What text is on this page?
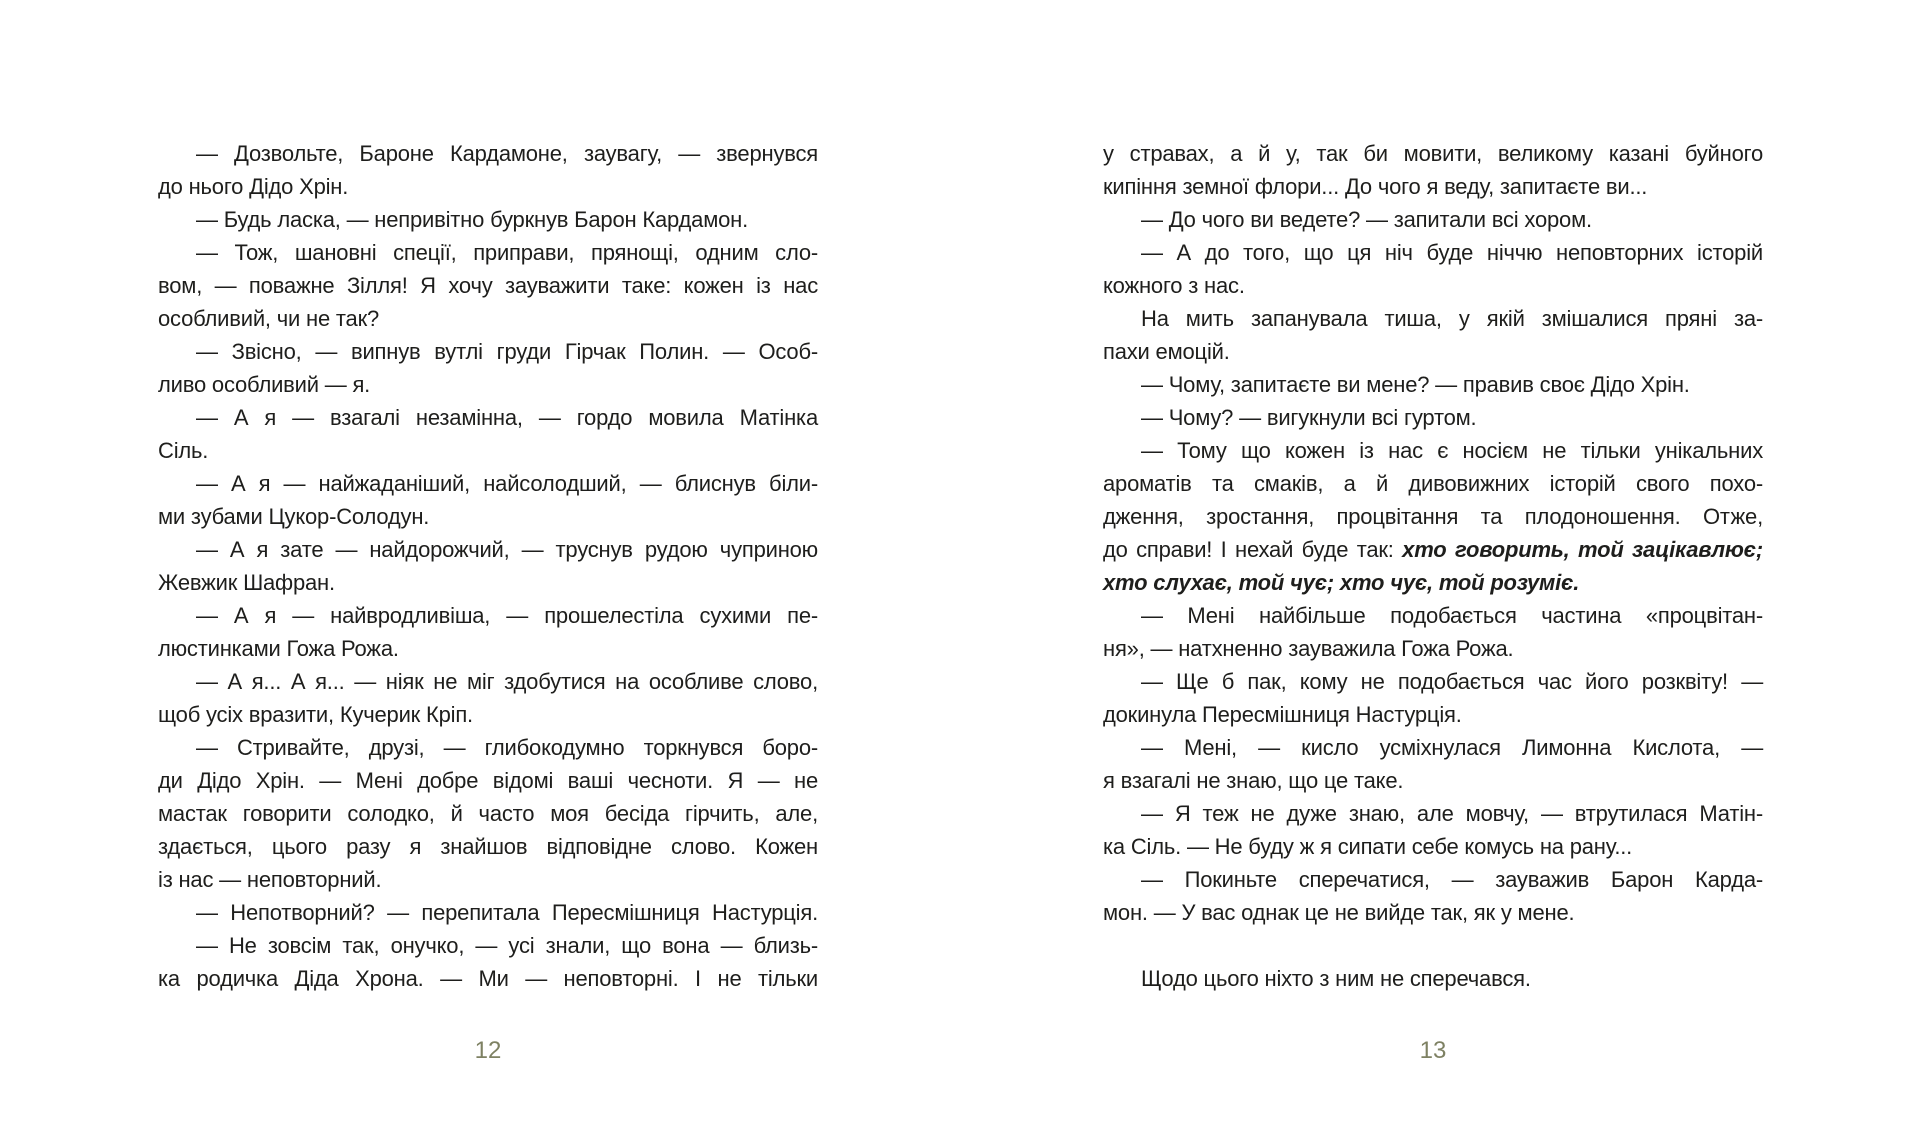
— Дозвольте, Бароне Кардамоне, заувагу, — звернувся
до нього Дідо Хрін.
— Будь ласка, — непривітно буркнув Барон Кардамон.
— Тож, шановні спеції, приправи, прянощі, одним сло-
вом, — поважне Зілля! Я хочу зауважити таке: кожен із нас
особливий, чи не так?
— Звісно, — випнув вутлі груди Гірчак Полин. — Особ-
ливо особливий — я.
— А я — взагалі незамінна, — гордо мовила Матінка
Сіль.
— А я — найжаданіший, найсолодший, — блиснув біли-
ми зубами Цукор-Солодун.
— А я зате — найдорожчий, — труснув рудою чуприною
Жевжик Шафран.
— А я — найвродливіша, — прошелестіла сухими пе-
люстинками Гожа Рожа.
— А я... А я... — ніяк не міг здобутися на особливе слово,
щоб усіх вразити, Кучерик Кріп.
— Стривайте, друзі, — глибокодумно торкнувся боро-
ди Дідо Хрін. — Мені добре відомі ваші чесноти. Я — не
мастак говорити солодко, й часто моя бесіда гірчить, але,
здається, цього разу я знайшов відповідне слово. Кожен
із нас — неповторний.
— Непотворний? — перепитала Пересмішниця Настурція.
— Не зовсім так, онучко, — усі знали, що вона — близь-
ка родичка Діда Хрона. — Ми — неповторні. І не тільки
у стравах, а й у, так би мовити, великому казані буйного
кипіння земної флори... До чого я веду, запитаєте ви...
— До чого ви ведете? — запитали всі хором.
— А до того, що ця ніч буде ніччю неповторних історій
кожного з нас.
На мить запанувала тиша, у якій змішалися пряні за-
пахи емоцій.
— Чому, запитаєте ви мене? — правив своє Дідо Хрін.
— Чому? — вигукнули всі гуртом.
— Тому що кожен із нас є носієм не тільки унікальних
ароматів та смаків, а й дивовижних історій свого похо-
дження, зростання, процвітання та плодоношення. Отже,
до справи! І нехай буде так: хто говорить, той зацікавлює;
хто слухає, той чує; хто чує, той розуміє.
— Мені найбільше подобається частина «процвітан-
ня», — натхненно зауважила Гожа Рожа.
— Ще б пак, кому не подобається час його розквіту! —
докинула Пересмішниця Настурція.
— Мені, — кисло усміхнулася Лимонна Кислота, —
я взагалі не знаю, що це таке.
— Я теж не дуже знаю, але мовчу, — втрутилася Матін-
ка Сіль. — Не буду ж я сипати себе комусь на рану...
— Покиньте сперечатися, — зауважив Барон Карда-
мон. — У вас однак це не вийде так, як у мене.
Щодо цього ніхто з ним не сперечався.
12	13
